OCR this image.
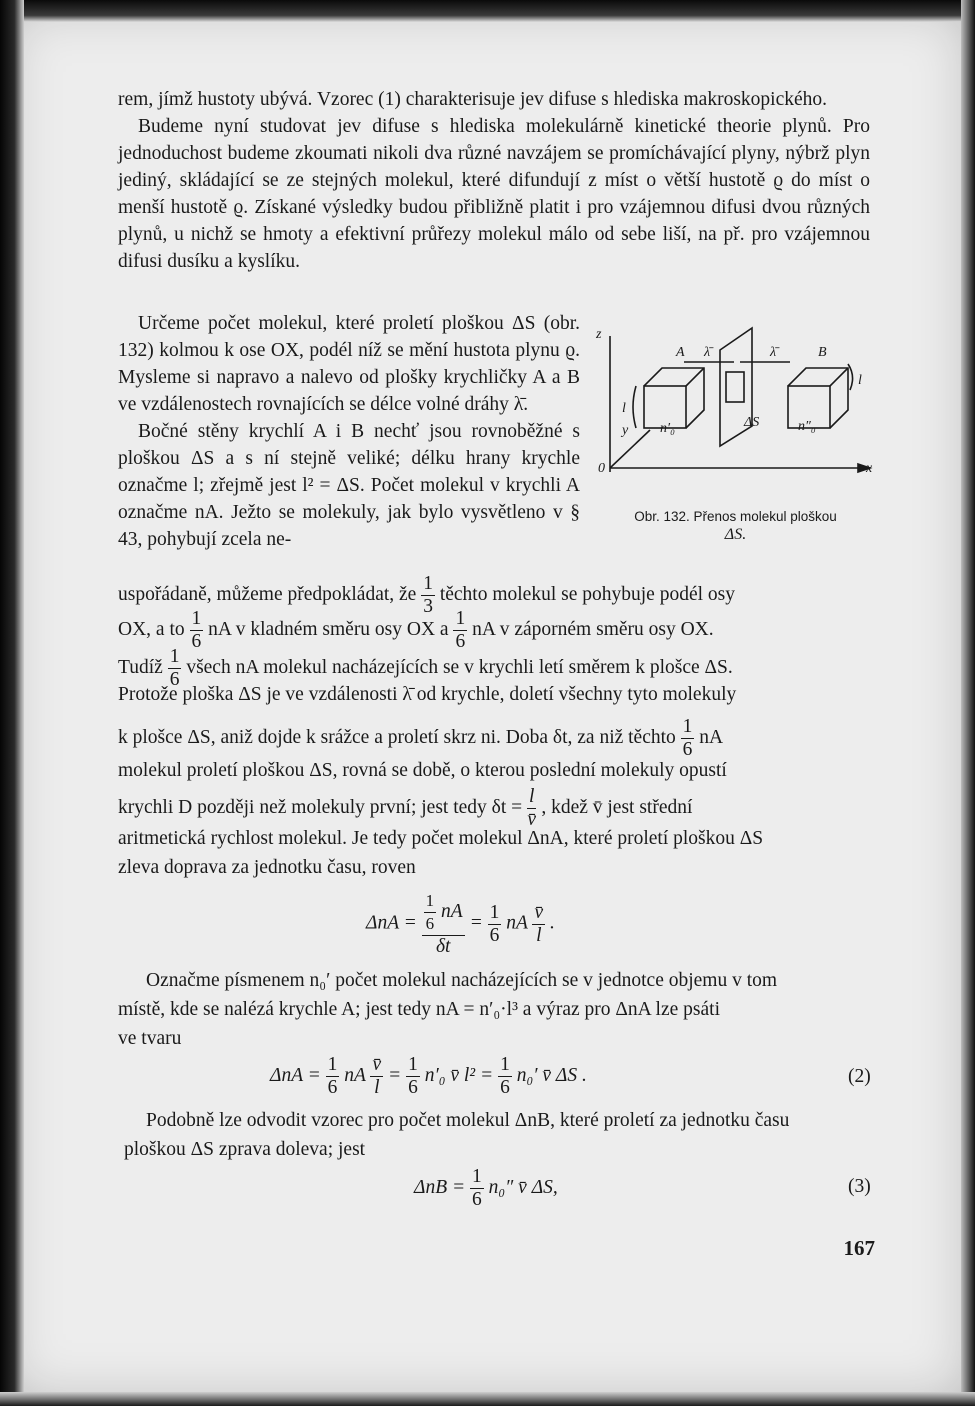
rem, jímž hustoty ubývá. Vzorec (1) charakterisuje jev difuse s hlediska makroskopického.

Budeme nyní studovat jev difuse s hlediska molekulárně kinetické theorie plynů. Pro jednoduchost budeme zkoumati nikoli dva různé navzájem se promíchávající plyny, nýbrž plyn jediný, skládající se ze stejných molekul, které difundují z míst o větší hustotě ϱ do míst o menší hustotě ϱ. Získané výsledky budou přibližně platit i pro vzájemnou difusi dvou různých plynů, u nichž se hmoty a efektivní průřezy molekul málo od sebe liší, na př. pro vzájemnou difusi dusíku a kyslíku.

Určeme počet molekul, které proletí ploškou ΔS (obr. 132) kolmou k ose OX, podél níž se mění hustota plynu ϱ. Mysleme si napravo a nalevo od plošky krychličky A a B ve vzdálenostech rovnajících se délce volné dráhy λ̄.

Bočné stěny krychlí A i B nechť jsou rovnoběžné s ploškou ΔS a s ní stejně veliké; délku hrany krychle označme l; zřejmě jest l² = ΔS. Počet molekul v krychli A označme nA. Ježto se molekuly, jak bylo vysvětleno v § 43, pohybují zcela ne-

z
x
y
0
A	B
l
l
λ̄	λ̄
ΔS
n′₀	n″₀
Obr. 132. Přenos molekul ploškou
ΔS.
uspořádaně, můžeme předpokládat, že $\frac{1}{3}$ těchto molekul se pohybuje podél osy
OX, a to $\frac{1}{6}$ nA v kladném směru osy OX a $\frac{1}{6}$ nA v záporném směru osy OX.
Tudíž $\frac{1}{6}$ všech nA molekul nacházejících se v krychli letí směrem k plošce ΔS.
Protože ploška ΔS je ve vzdálenosti λ̄ od krychle, doletí všechny tyto molekuly
k plošce ΔS, aniž dojde k srážce a proletí skrz ni. Doba δt, za niž těchto $\frac{1}{6}$ nA
molekul proletí ploškou ΔS, rovná se době, o kterou poslední molekuly opustí
krychli D později než molekuly první; jest tedy $\delta t = \frac{l}{v̄}$ , kdež v̄ jest střední
aritmetická rychlost molekul. Je tedy počet molekul ΔnA, které proletí ploškou ΔS
zleva doprava za jednotku času, roven
$\Delta nA = \frac{\frac{1}{6} nA}{\delta t} = \frac{1}{6}$ nA $\frac{v̄}{l}$ .
Označme písmenem n₀′ počet molekul nacházejících se v jednotce objemu v tom
místě, kde se nalézá krychle A; jest tedy nA = n′₀·l³ a výraz pro ΔnA lze psáti
ve tvaru
$\Delta nA = \frac{1}{6}$ nA $\frac{v̄}{l} = \frac{1}{6} n'_0$ v̄ $l^2 = \frac{1}{6} n_0'$ v̄ ΔS .	(2)
Podobně lze odvodit vzorec pro počet molekul ΔnB, které proletí za jednotku času
ploškou ΔS zprava doleva; jest
$\Delta nB = \frac{1}{6} n_0''$ v̄ ΔS,	(3)
167
